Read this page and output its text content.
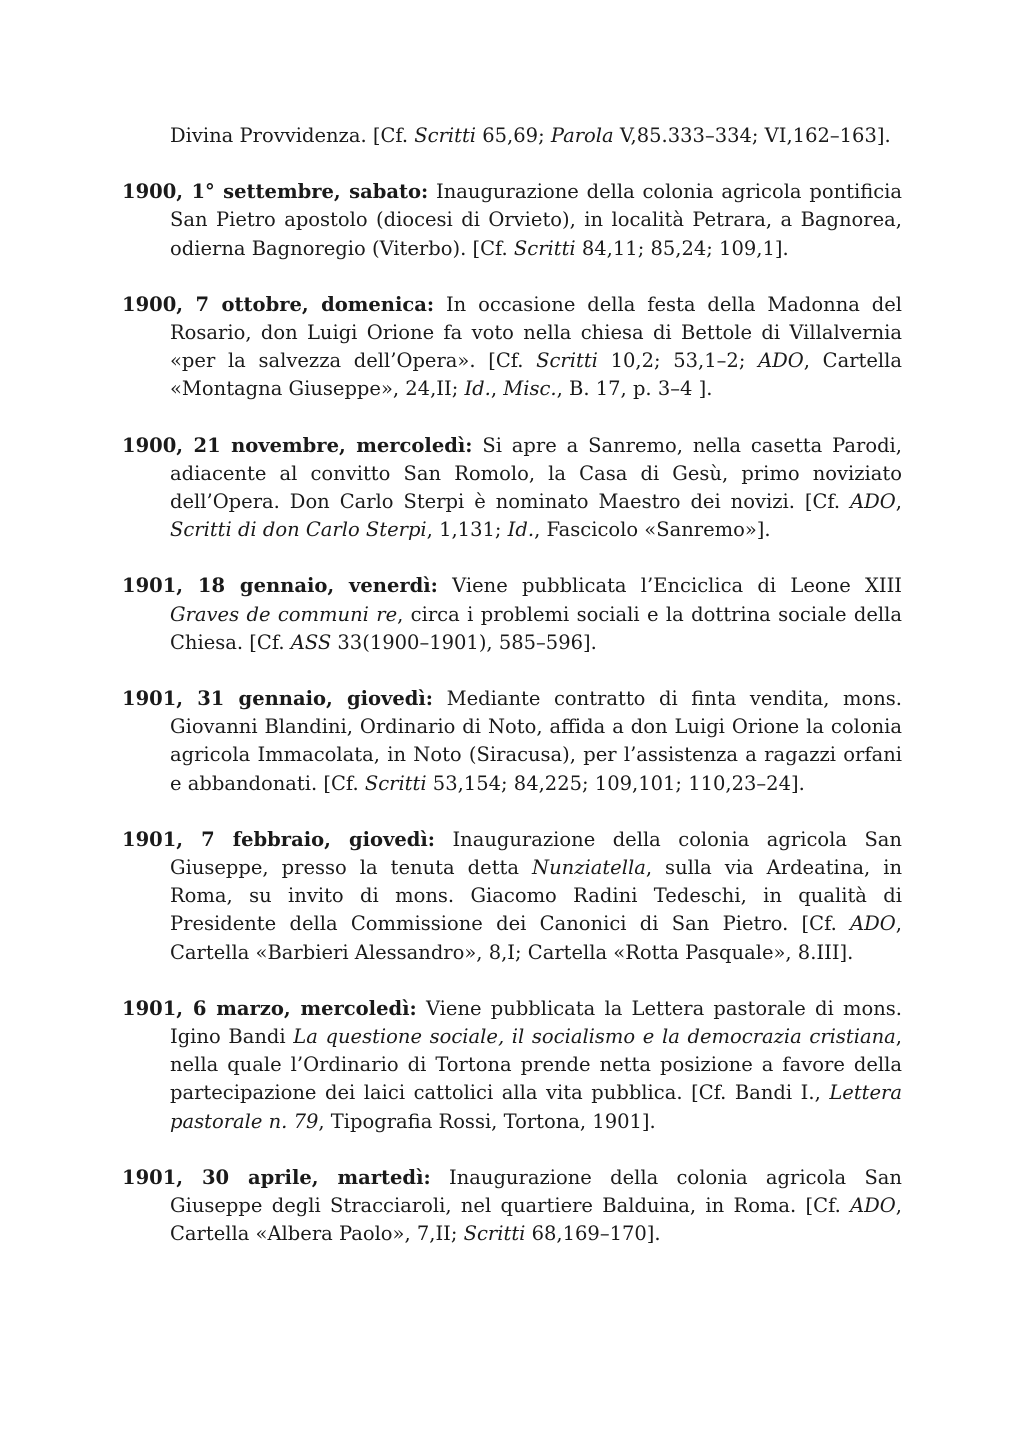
Divina Provvidenza. [Cf. Scritti 65,69; Parola V,85.333–334; VI,162–163].

1900, 1° settembre, sabato: Inaugurazione della colonia agricola pontificia San Pietro apostolo (diocesi di Orvieto), in località Petrara, a Bagnorea, odierna Bagnoregio (Viterbo). [Cf. Scritti 84,11; 85,24; 109,1].

1900, 7 ottobre, domenica: In occasione della festa della Madonna del Rosario, don Luigi Orione fa voto nella chiesa di Bettole di Villalvernia «per la salvezza dell’Opera». [Cf. Scritti 10,2; 53,1–2; ADO, Cartella «Montagna Giuseppe», 24,II; Id., Misc., B. 17, p. 3–4 ].

1900, 21 novembre, mercoledì: Si apre a Sanremo, nella casetta Parodi, adiacente al convitto San Romolo, la Casa di Gesù, primo noviziato dell’Opera. Don Carlo Sterpi è nominato Maestro dei novizi. [Cf. ADO, Scritti di don Carlo Sterpi, 1,131; Id., Fascicolo «Sanremo»].

1901, 18 gennaio, venerdì: Viene pubblicata l’Enciclica di Leone XIII Graves de communi re, circa i problemi sociali e la dottrina sociale della Chiesa. [Cf. ASS 33(1900–1901), 585–596].

1901, 31 gennaio, giovedì: Mediante contratto di finta vendita, mons. Giovanni Blandini, Ordinario di Noto, affida a don Luigi Orione la colonia agricola Immacolata, in Noto (Siracusa), per l’assistenza a ragazzi orfani e abbandonati. [Cf. Scritti 53,154; 84,225; 109,101; 110,23–24].

1901, 7 febbraio, giovedì: Inaugurazione della colonia agricola San Giuseppe, presso la tenuta detta Nunziatella, sulla via Ardeatina, in Roma, su invito di mons. Giacomo Radini Tedeschi, in qualità di Presidente della Commissione dei Canonici di San Pietro. [Cf. ADO, Cartella «Barbieri Alessandro», 8,I; Cartella «Rotta Pasquale», 8.III].

1901, 6 marzo, mercoledì: Viene pubblicata la Lettera pastorale di mons. Igino Bandi La questione sociale, il socialismo e la democrazia cristiana, nella quale l’Ordinario di Tortona prende netta posizione a favore della partecipazione dei laici cattolici alla vita pubblica. [Cf. Bandi I., Lettera pastorale n. 79, Tipografia Rossi, Tortona, 1901].

1901, 30 aprile, martedì: Inaugurazione della colonia agricola San Giuseppe degli Stracciaroli, nel quartiere Balduina, in Roma. [Cf. ADO, Cartella «Albera Paolo», 7,II; Scritti 68,169–170].
